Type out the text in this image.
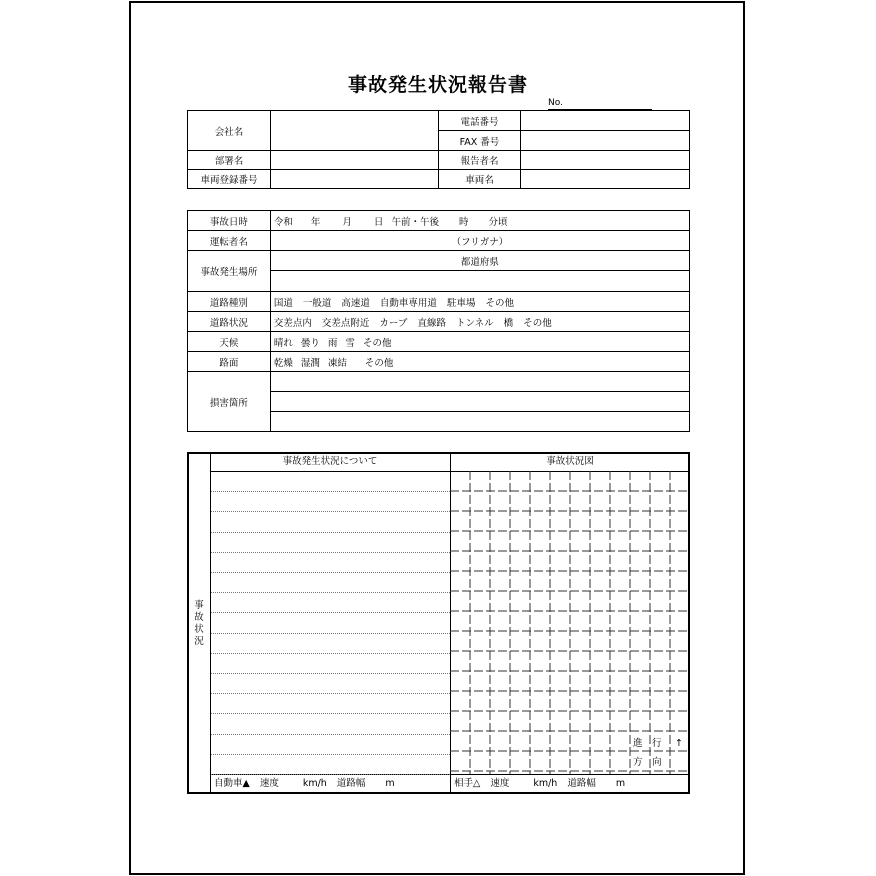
事故発生状況報告書
No.
会社名		電話番号	
		FAX 番号	
部署名		報告者名	
車両登録番号		車両名	
事故日時	令和 年 月 日 午前・午後 時 分頃
運転者名	（フリガナ）
事故発生場所	都道府県

道路種別	国道 一般道 高速道 自動車専用道 駐車場 その他
道路状況	交差点内 交差点附近 カーブ 直線路 トンネル 橋 その他
天候	晴れ 曇り 雨 雪 その他
路面	乾燥 湿潤 凍結 その他
損害箇所	

事
故
状
況
事故発生状況について	事故状況図
進 行 ↑
方 向
自動車▲ 速度	km/h 道路幅 m	相手△ 速度	km/h 道路幅 m
